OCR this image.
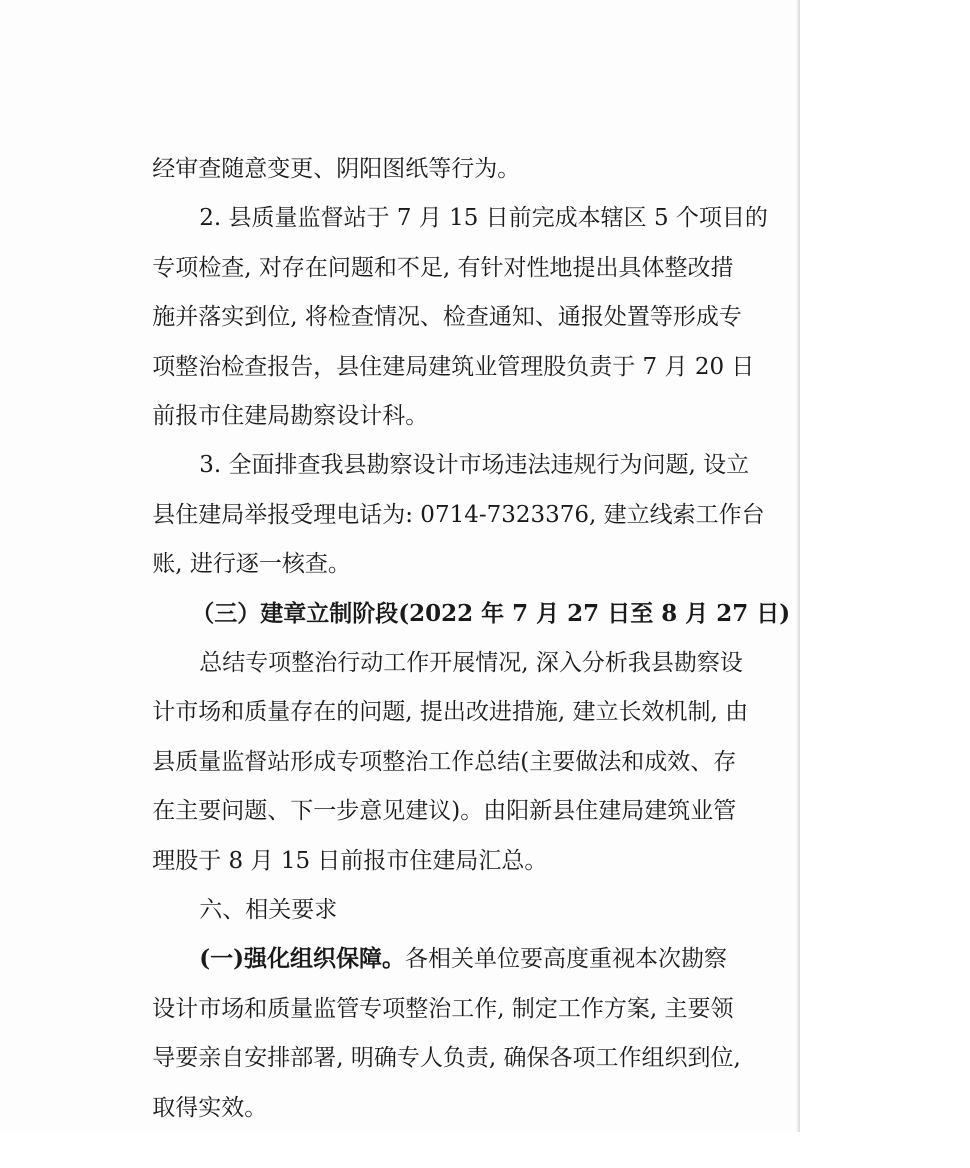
经审查随意变更、阴阳图纸等行为。

2. 县质量监督站于 7 月 15 日前完成本辖区 5 个项目的

专项检查, 对存在问题和不足, 有针对性地提出具体整改措

施并落实到位, 将检查情况、检查通知、通报处置等形成专

项整治检查报告，县住建局建筑业管理股负责于 7 月 20 日

前报市住建局勘察设计科。

3. 全面排查我县勘察设计市场违法违规行为问题, 设立

县住建局举报受理电话为: 0714-7323376, 建立线索工作台

账, 进行逐一核查。

（三）建章立制阶段(2022 年 7 月 27 日至 8 月 27 日)

总结专项整治行动工作开展情况, 深入分析我县勘察设

计市场和质量存在的问题, 提出改进措施, 建立长效机制, 由

县质量监督站形成专项整治工作总结(主要做法和成效、存

在主要问题、下一步意见建议)。由阳新县住建局建筑业管

理股于 8 月 15 日前报市住建局汇总。

六、相关要求

(一)强化组织保障。各相关单位要高度重视本次勘察

设计市场和质量监管专项整治工作, 制定工作方案, 主要领

导要亲自安排部署, 明确专人负责, 确保各项工作组织到位,

取得实效。
